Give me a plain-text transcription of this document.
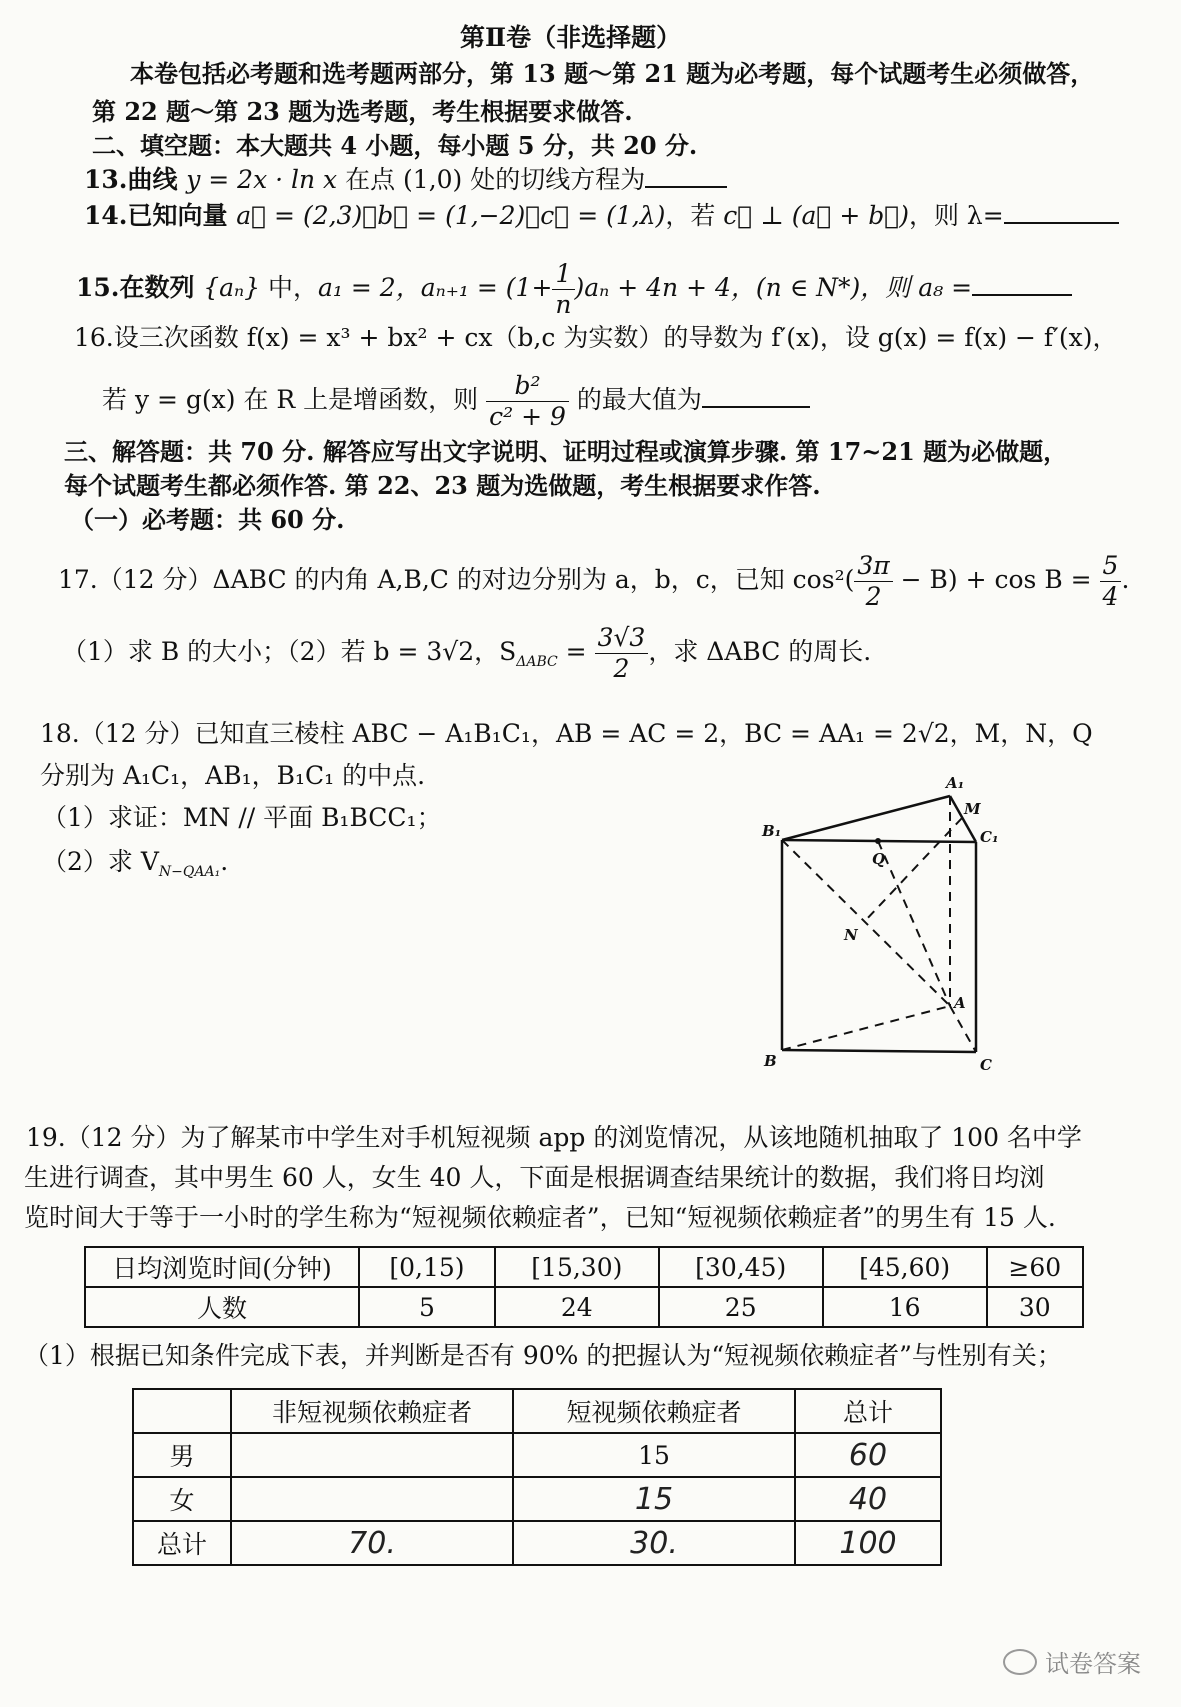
第Ⅱ卷（非选择题）
本卷包括必考题和选考题两部分，第 13 题～第 21 题为必考题，每个试题考生必须做答，
第 22 题～第 23 题为选考题，考生根据要求做答.
二、填空题：本大题共 4 小题，每小题 5 分，共 20 分.
13.曲线 y = 2x · ln x 在点 (1,0) 处的切线方程为
14.已知向量 a⃗ = (2,3)，b⃗ = (1,−2)，c⃗ = (1,λ)，若 c⃗ ⊥ (a⃗ + b⃗)，则 λ=
15.在数列 {aₙ} 中，a₁ = 2，$a_{n+1} = (1+ \frac{1}{n} )a_n + 4n + 4$，(n ∈ N*)，则 a₈ =
16.设三次函数 f(x) = x³ + bx² + cx（b,c 为实数）的导数为 f′(x)，设 g(x) = f(x) − f′(x)，
若 y = g(x) 在 R 上是增函数，则 $\frac{\text{b²}}{\text{c² + 9}}$ 的最大值为
三、解答题：共 70 分. 解答应写出文字说明、证明过程或演算步骤. 第 17~21 题为必做题，
每个试题考生都必须作答. 第 22、23 题为选做题，考生根据要求作答.
（一）必考题：共 60 分.
17.（12 分）ΔABC 的内角 A,B,C 的对边分别为 a，b，c，已知 $\cos^2( \frac{3\pi}{2} - B) + \cos B = \frac{5}{4}$ .
（1）求 B 的大小；（2）若 b = 3√2，$S_{\Delta ABC} = \frac{3√3}{2}$ ，求 ΔABC 的周长.
18.（12 分）已知直三棱柱 ABC − A₁B₁C₁，AB = AC = 2，BC = AA₁ = 2√2，M，N，Q
分别为 A₁C₁，AB₁，B₁C₁ 的中点.
（1）求证：MN // 平面 B₁BCC₁；
（2）求 $V_{N-QAA_1}$.
A₁
M
B₁	C₁
Q
N
A
B	C
19.（12 分）为了解某市中学生对手机短视频 app 的浏览情况，从该地随机抽取了 100 名中学
生进行调查，其中男生 60 人，女生 40 人，下面是根据调查结果统计的数据，我们将日均浏
览时间大于等于一小时的学生称为“短视频依赖症者”，已知“短视频依赖症者”的男生有 15 人.
日均浏览时间(分钟)	[0,15)	[15,30)	[30,45)	[45,60)	≥60
人数	5	24	25	16	30
（1）根据已知条件完成下表，并判断是否有 90% 的把握认为“短视频依赖症者”与性别有关；
	非短视频依赖症者	短视频依赖症者	总计
男		15	60
女		15	40
总计	70.	30.	100
试卷答案
